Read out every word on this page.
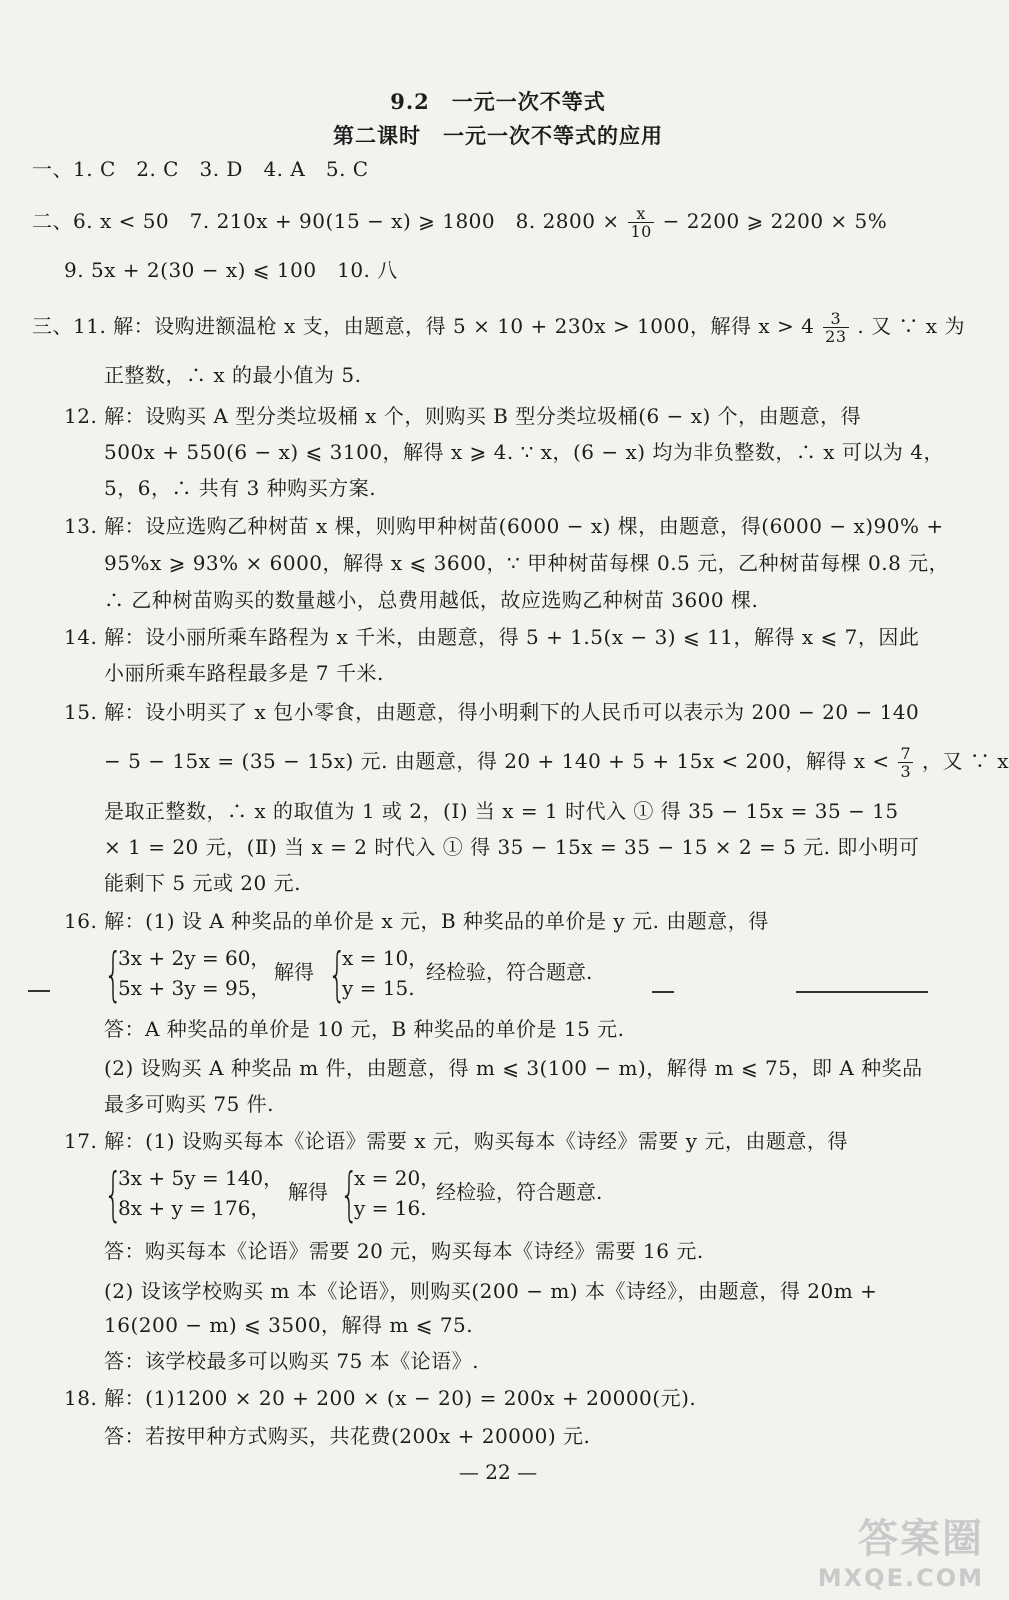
9.2　一元一次不等式
第二课时　一元一次不等式的应用
一、1. C　2. C　3. D　4. A　5. C
二、6. x < 50　7. 210x + 90(15 − x) ⩾ 1800　8. $2800 \times \frac{x}{10} - 2200$ ⩾ 2200 × 5%
9. 5x + 2(30 − x) ⩽ 100　10. 八
三、11. 解：设购进额温枪 x 支，由题意，得 5 × 10 + 230x > 1000，解得 $x > 4 \frac{3}{23}$ . 又 ∵ x 为
正整数，∴ x 的最小值为 5.
12. 解：设购买 A 型分类垃圾桶 x 个，则购买 B 型分类垃圾桶(6 − x) 个，由题意，得
500x + 550(6 − x) ⩽ 3100，解得 x ⩾ 4. ∵ x，(6 − x) 均为非负整数，∴ x 可以为 4，
5，6，∴ 共有 3 种购买方案.
13. 解：设应选购乙种树苗 x 棵，则购甲种树苗(6000 − x) 棵，由题意，得(6000 − x)90% +
95%x ⩾ 93% × 6000，解得 x ⩽ 3600，∵ 甲种树苗每棵 0.5 元，乙种树苗每棵 0.8 元，
∴ 乙种树苗购买的数量越小，总费用越低，故应选购乙种树苗 3600 棵.
14. 解：设小丽所乘车路程为 x 千米，由题意，得 5 + 1.5(x − 3) ⩽ 11，解得 x ⩽ 7，因此
小丽所乘车路程最多是 7 千米.
15. 解：设小明买了 x 包小零食，由题意，得小明剩下的人民币可以表示为 200 − 20 − 140
− 5 − 15x = (35 − 15x) 元. 由题意，得 20 + 140 + 5 + 15x < 200，解得 $x < \frac{7}{3}$ ，又 ∵ x
是取正整数，∴ x 的取值为 1 或 2，(Ⅰ) 当 x = 1 时代入 ① 得 35 − 15x = 35 − 15
× 1 = 20 元，(Ⅱ) 当 x = 2 时代入 ① 得 35 − 15x = 35 − 15 × 2 = 5 元. 即小明可
能剩下 5 元或 20 元.
16. 解：(1) 设 A 种奖品的单价是 x 元，B 种奖品的单价是 y 元. 由题意，得
{
3x + 2y = 60，
5x + 3y = 95，
解得 {
x = 10，
y = 15.
经检验，符合题意.
答：A 种奖品的单价是 10 元，B 种奖品的单价是 15 元.
(2) 设购买 A 种奖品 m 件，由题意，得 m ⩽ 3(100 − m)，解得 m ⩽ 75，即 A 种奖品
最多可购买 75 件.
17. 解：(1) 设购买每本《论语》需要 x 元，购买每本《诗经》需要 y 元，由题意，得
{
3x + 5y = 140，
8x + y = 176，
解得 {
x = 20，
y = 16.
经检验，符合题意.
答：购买每本《论语》需要 20 元，购买每本《诗经》需要 16 元.
(2) 设该学校购买 m 本《论语》，则购买(200 − m) 本《诗经》，由题意，得 20m +
16(200 − m) ⩽ 3500，解得 m ⩽ 75.
答：该学校最多可以购买 75 本《论语》.
18. 解：(1)1200 × 20 + 200 × (x − 20) = 200x + 20000(元).
答：若按甲种方式购买，共花费(200x + 20000) 元.
— 22 —
答案圈
MXQE.COM
